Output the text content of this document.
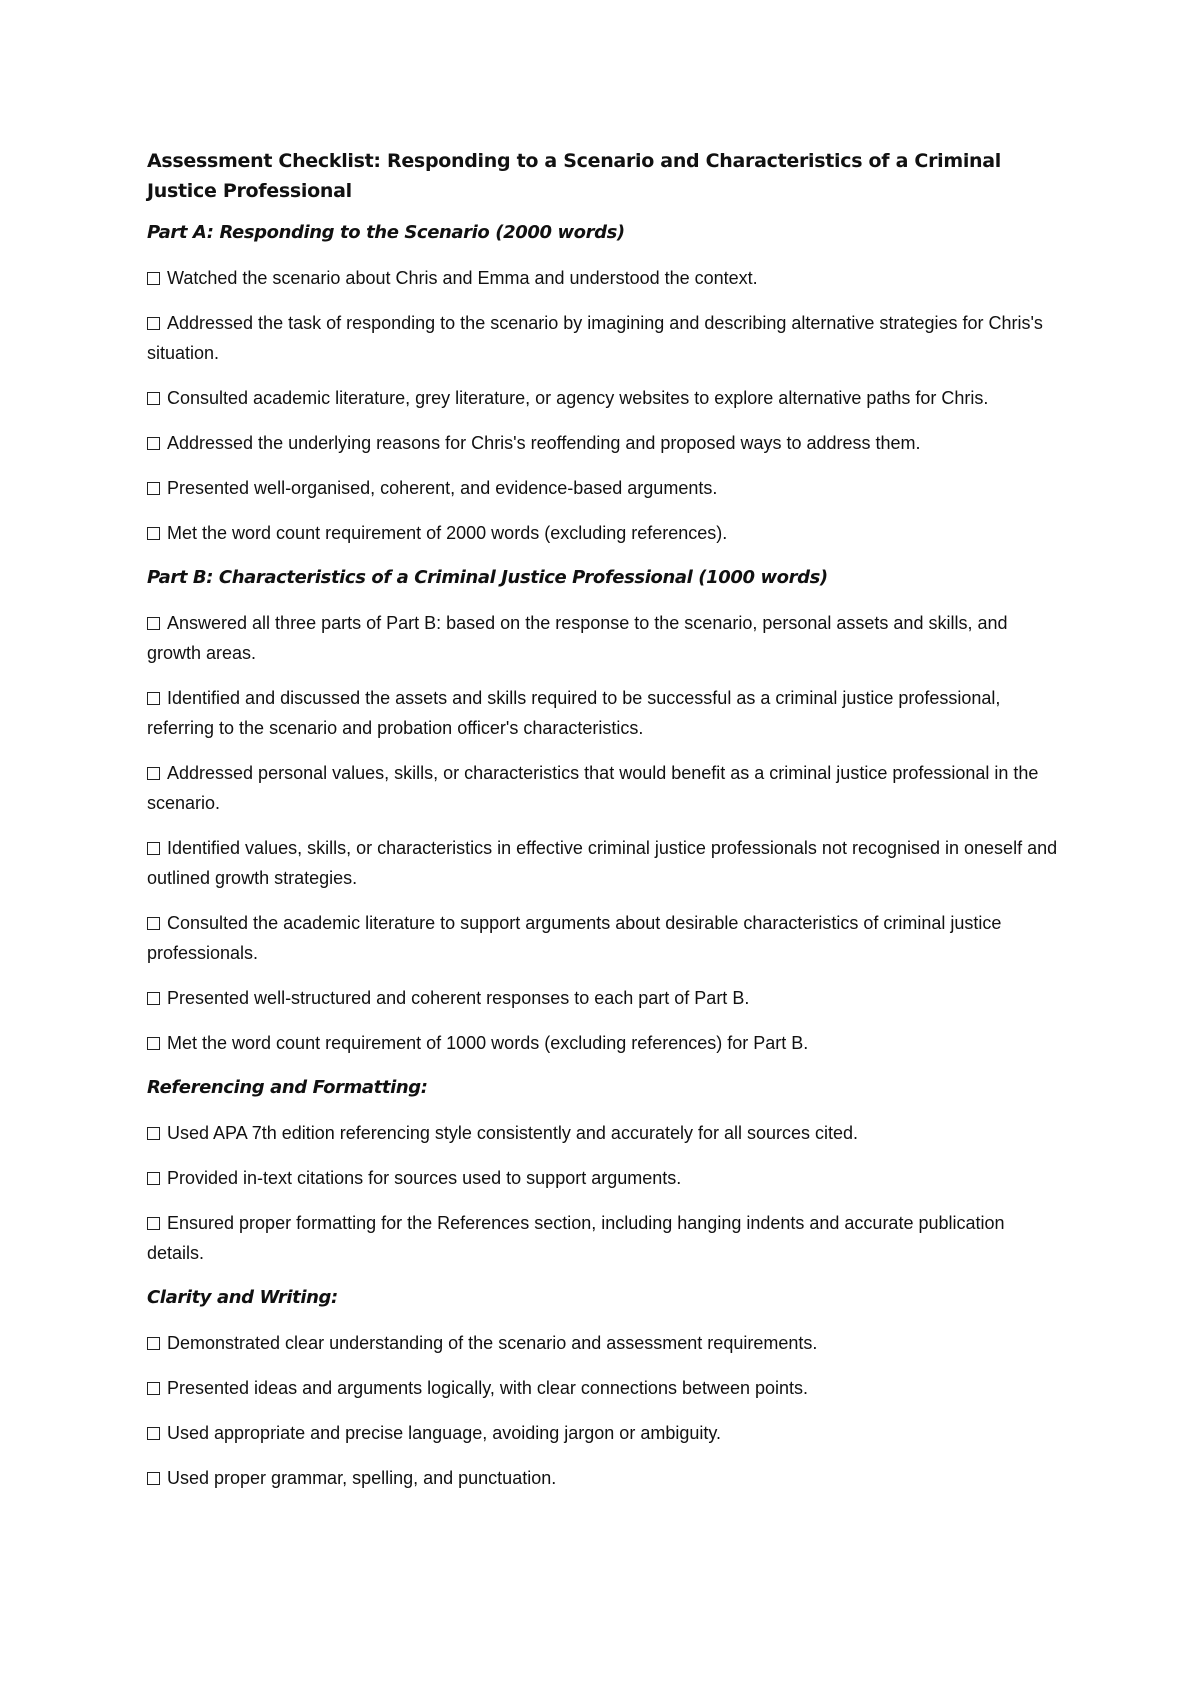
Assessment Checklist: Responding to a Scenario and Characteristics of a Criminal Justice Professional
Part A: Responding to the Scenario (2000 words)
Watched the scenario about Chris and Emma and understood the context.
Addressed the task of responding to the scenario by imagining and describing alternative strategies for Chris's situation.
Consulted academic literature, grey literature, or agency websites to explore alternative paths for Chris.
Addressed the underlying reasons for Chris's reoffending and proposed ways to address them.
Presented well-organised, coherent, and evidence-based arguments.
Met the word count requirement of 2000 words (excluding references).
Part B: Characteristics of a Criminal Justice Professional (1000 words)
Answered all three parts of Part B: based on the response to the scenario, personal assets and skills, and growth areas.
Identified and discussed the assets and skills required to be successful as a criminal justice professional, referring to the scenario and probation officer's characteristics.
Addressed personal values, skills, or characteristics that would benefit as a criminal justice professional in the scenario.
Identified values, skills, or characteristics in effective criminal justice professionals not recognised in oneself and outlined growth strategies.
Consulted the academic literature to support arguments about desirable characteristics of criminal justice professionals.
Presented well-structured and coherent responses to each part of Part B.
Met the word count requirement of 1000 words (excluding references) for Part B.
Referencing and Formatting:
Used APA 7th edition referencing style consistently and accurately for all sources cited.
Provided in-text citations for sources used to support arguments.
Ensured proper formatting for the References section, including hanging indents and accurate publication details.
Clarity and Writing:
Demonstrated clear understanding of the scenario and assessment requirements.
Presented ideas and arguments logically, with clear connections between points.
Used appropriate and precise language, avoiding jargon or ambiguity.
Used proper grammar, spelling, and punctuation.
